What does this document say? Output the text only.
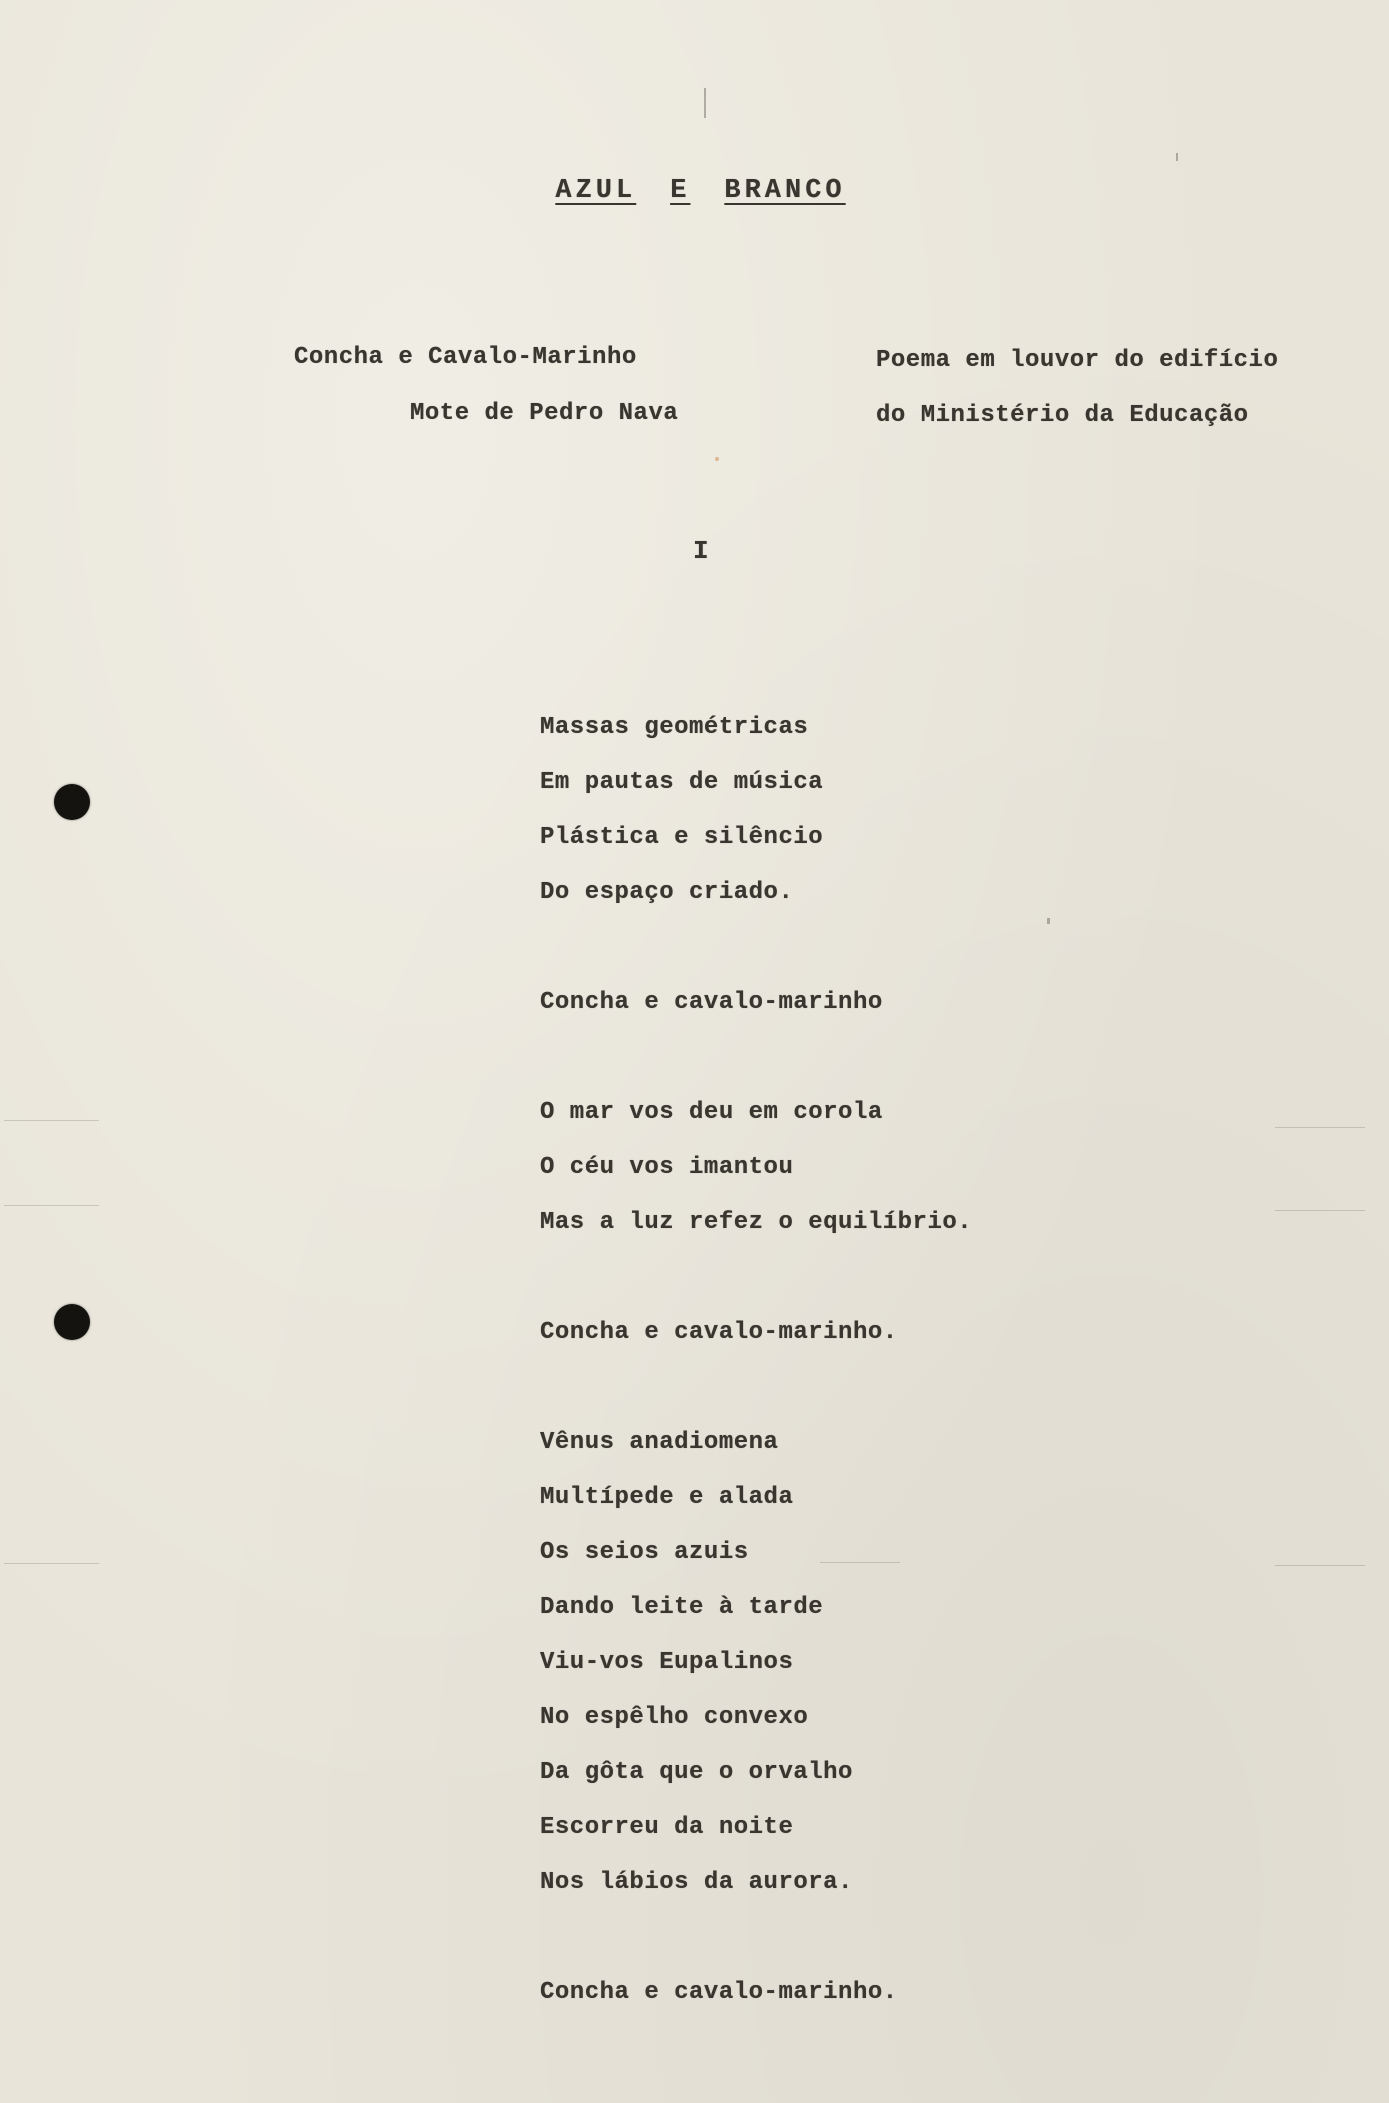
AZUL E BRANCO
Concha e Cavalo-Marinho
Mote de Pedro Nava
Poema em louvor do edifício
do Ministério da Educação
I
Massas geométricas
Em pautas de música
Plástica e silêncio
Do espaço criado.
Concha e cavalo-marinho
O mar vos deu em corola
O céu vos imantou
Mas a luz refez o equilíbrio.
Concha e cavalo-marinho.
Vênus anadiomena
Multípede e alada
Os seios azuis
Dando leite à tarde
Viu-vos Eupalinos
No espêlho convexo
Da gôta que o orvalho
Escorreu da noite
Nos lábios da aurora.
Concha e cavalo-marinho.
